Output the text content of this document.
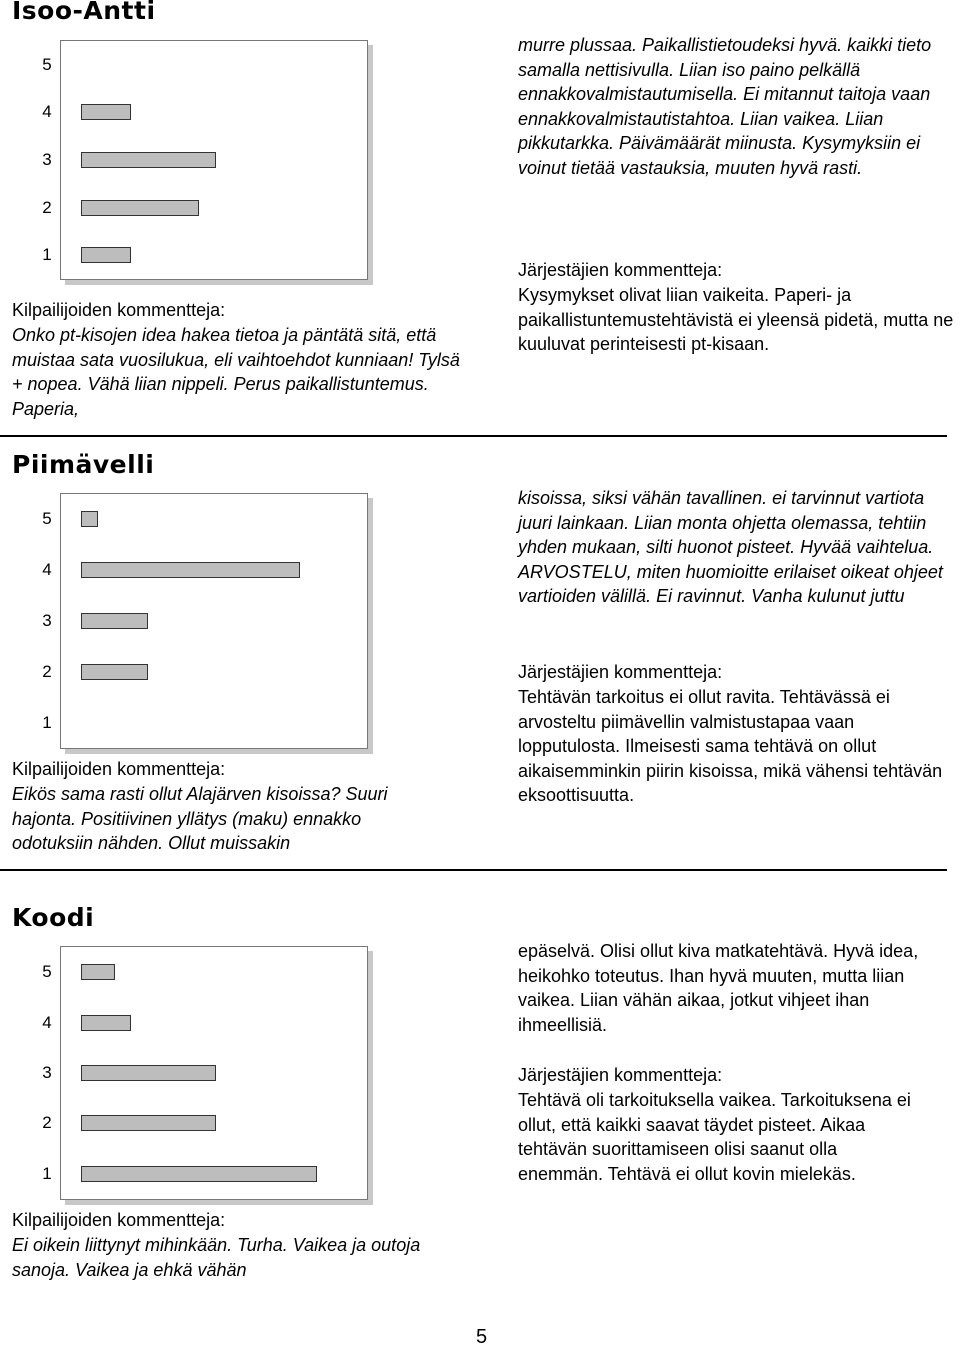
Isoo-Antti
5
4
3
2
1
Kilpailijoiden kommentteja:
Onko pt-kisojen idea hakea tietoa ja päntätä sitä, että muistaa sata vuosilukua, eli vaihtoehdot kunniaan! Tylsä + nopea. Vähä liian nippeli. Perus paikallistuntemus. Paperia,
murre plussaa. Paikallistietoudeksi hyvä. kaikki tieto samalla nettisivulla. Liian iso paino pelkällä ennakkovalmistautumisella. Ei mitannut taitoja vaan ennakkovalmistautistahtoa. Liian vaikea. Liian pikkutarkka. Päivämäärät miinusta. Kysymyksiin ei voinut tietää vastauksia, muuten hyvä rasti.
Järjestäjien kommentteja:
Kysymykset olivat liian vaikeita. Paperi- ja paikallistuntemustehtävistä ei yleensä pidetä, mutta ne kuuluvat perinteisesti pt-kisaan.
Piimävelli
5
4
3
2
1
Kilpailijoiden kommentteja:
Eikös sama rasti ollut Alajärven kisoissa? Suuri hajonta. Positiivinen yllätys (maku) ennakko odotuksiin nähden. Ollut muissakin
kisoissa, siksi vähän tavallinen. ei tarvinnut vartiota juuri lainkaan. Liian monta ohjetta olemassa, tehtiin yhden mukaan, silti huonot pisteet. Hyvää vaihtelua. ARVOSTELU, miten huomioitte erilaiset oikeat ohjeet vartioiden välillä. Ei ravinnut. Vanha kulunut juttu
Järjestäjien kommentteja:
Tehtävän tarkoitus ei ollut ravita. Tehtävässä ei arvosteltu piimävellin valmistustapaa vaan lopputulosta. Ilmeisesti sama tehtävä on ollut aikaisemminkin piirin kisoissa, mikä vähensi tehtävän eksoottisuutta.
Koodi
5
4
3
2
1
Kilpailijoiden kommentteja:
Ei oikein liittynyt mihinkään. Turha. Vaikea ja outoja sanoja. Vaikea ja ehkä vähän
epäselvä. Olisi ollut kiva matkatehtävä. Hyvä idea, heikohko toteutus. Ihan hyvä muuten, mutta liian vaikea. Liian vähän aikaa, jotkut vihjeet ihan ihmeellisiä.
Järjestäjien kommentteja:
Tehtävä oli tarkoituksella vaikea. Tarkoituksena ei ollut, että kaikki saavat täydet pisteet. Aikaa tehtävän suorittamiseen olisi saanut olla enemmän. Tehtävä ei ollut kovin mielekäs.
5
